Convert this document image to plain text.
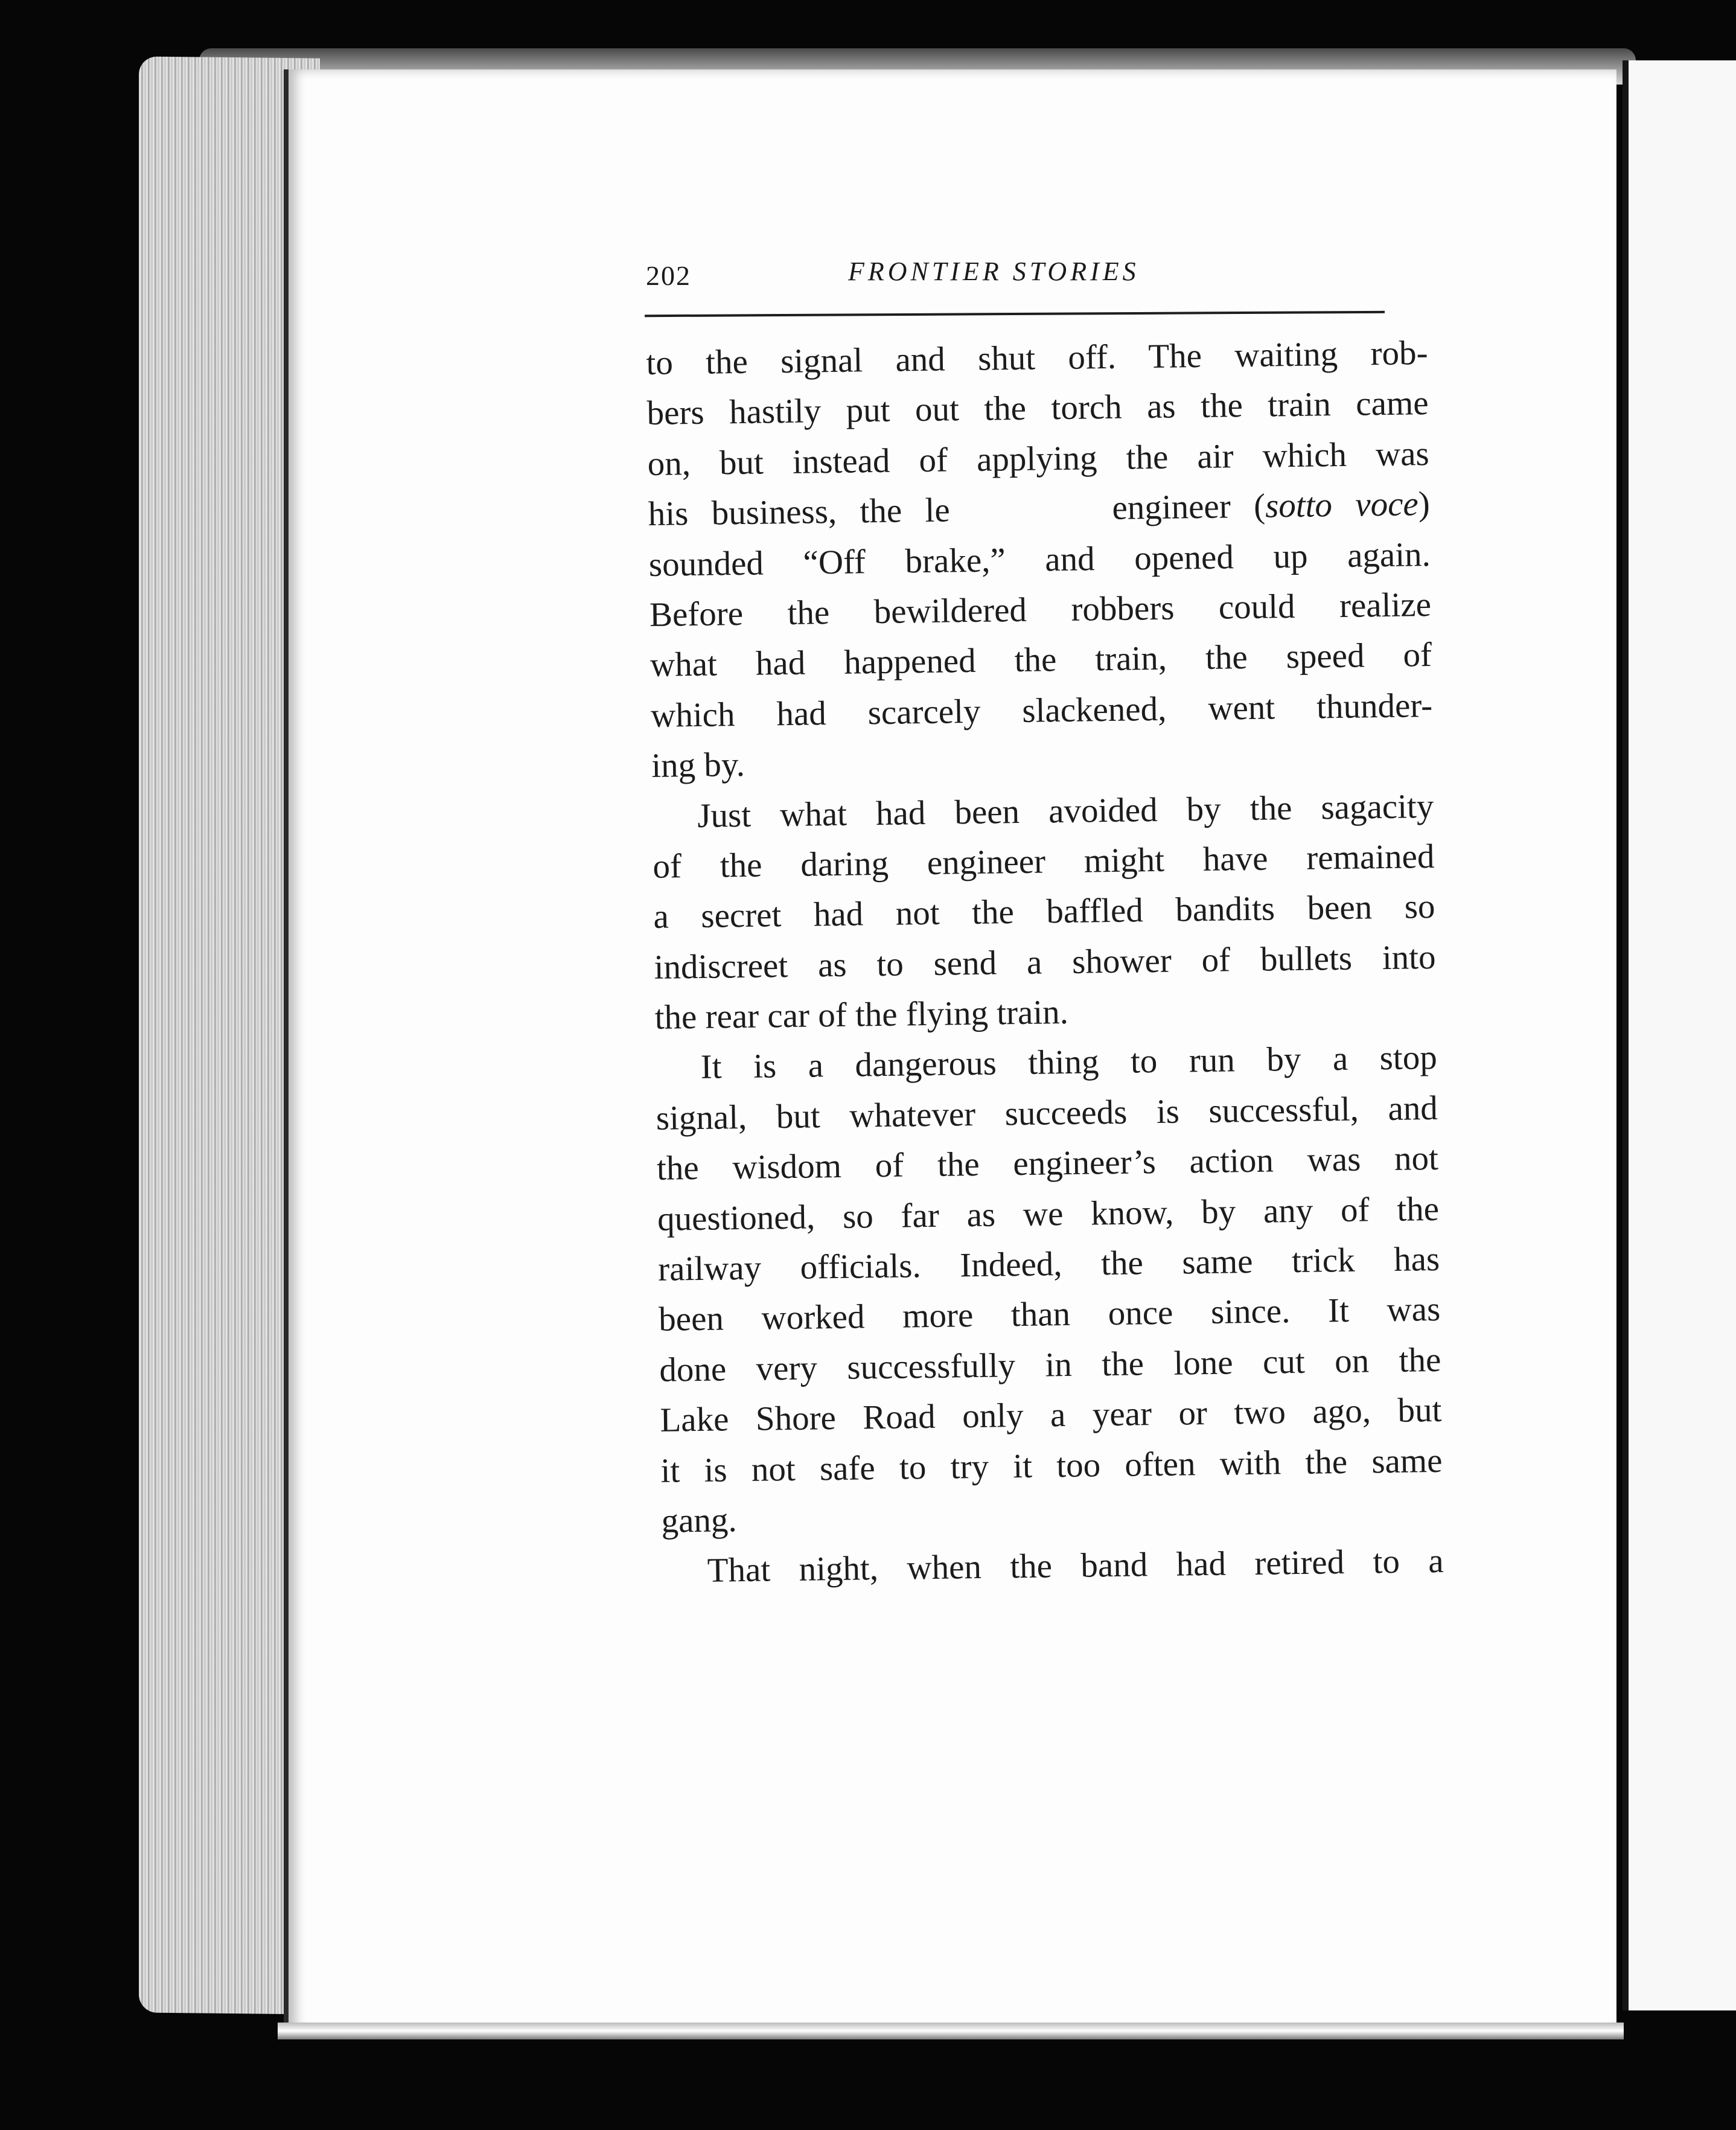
202	FRONTIER STORIES
to the signal and shut off. The waiting rob-
bers hastily put out the torch as the train came
on, but instead of applying the air which was
his business, the le	engineer (sotto voce)
sounded “Off brake,” and opened up again.
Before the bewildered robbers could realize
what had happened the train, the speed of
which had scarcely slackened, went thunder-
ing by.
Just what had been avoided by the sagacity
of the daring engineer might have remained
a secret had not the baffled bandits been so
indiscreet as to send a shower of bullets into
the rear car of the flying train.
It is a dangerous thing to run by a stop
signal, but whatever succeeds is successful, and
the wisdom of the engineer’s action was not
questioned, so far as we know, by any of the
railway officials. Indeed, the same trick has
been worked more than once since. It was
done very successfully in the lone cut on the
Lake Shore Road only a year or two ago, but
it is not safe to try it too often with the same
gang.
That night, when the band had retired to a
